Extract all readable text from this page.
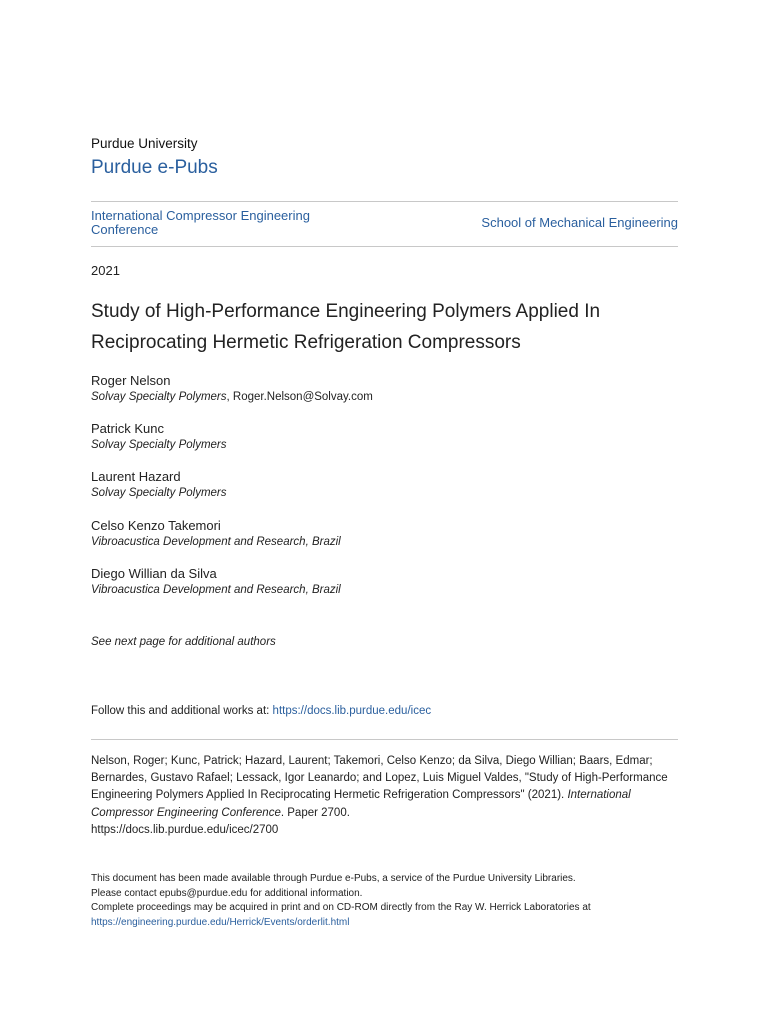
Purdue University
Purdue e-Pubs
International Compressor Engineering Conference	School of Mechanical Engineering
2021
Study of High-Performance Engineering Polymers Applied In Reciprocating Hermetic Refrigeration Compressors
Roger Nelson
Solvay Specialty Polymers, Roger.Nelson@Solvay.com
Patrick Kunc
Solvay Specialty Polymers
Laurent Hazard
Solvay Specialty Polymers
Celso Kenzo Takemori
Vibroacustica Development and Research, Brazil
Diego Willian da Silva
Vibroacustica Development and Research, Brazil
See next page for additional authors
Follow this and additional works at: https://docs.lib.purdue.edu/icec
Nelson, Roger; Kunc, Patrick; Hazard, Laurent; Takemori, Celso Kenzo; da Silva, Diego Willian; Baars, Edmar; Bernardes, Gustavo Rafael; Lessack, Igor Leanardo; and Lopez, Luis Miguel Valdes, "Study of High-Performance Engineering Polymers Applied In Reciprocating Hermetic Refrigeration Compressors" (2021). International Compressor Engineering Conference. Paper 2700.
https://docs.lib.purdue.edu/icec/2700
This document has been made available through Purdue e-Pubs, a service of the Purdue University Libraries.
Please contact epubs@purdue.edu for additional information.
Complete proceedings may be acquired in print and on CD-ROM directly from the Ray W. Herrick Laboratories at
https://engineering.purdue.edu/Herrick/Events/orderlit.html
